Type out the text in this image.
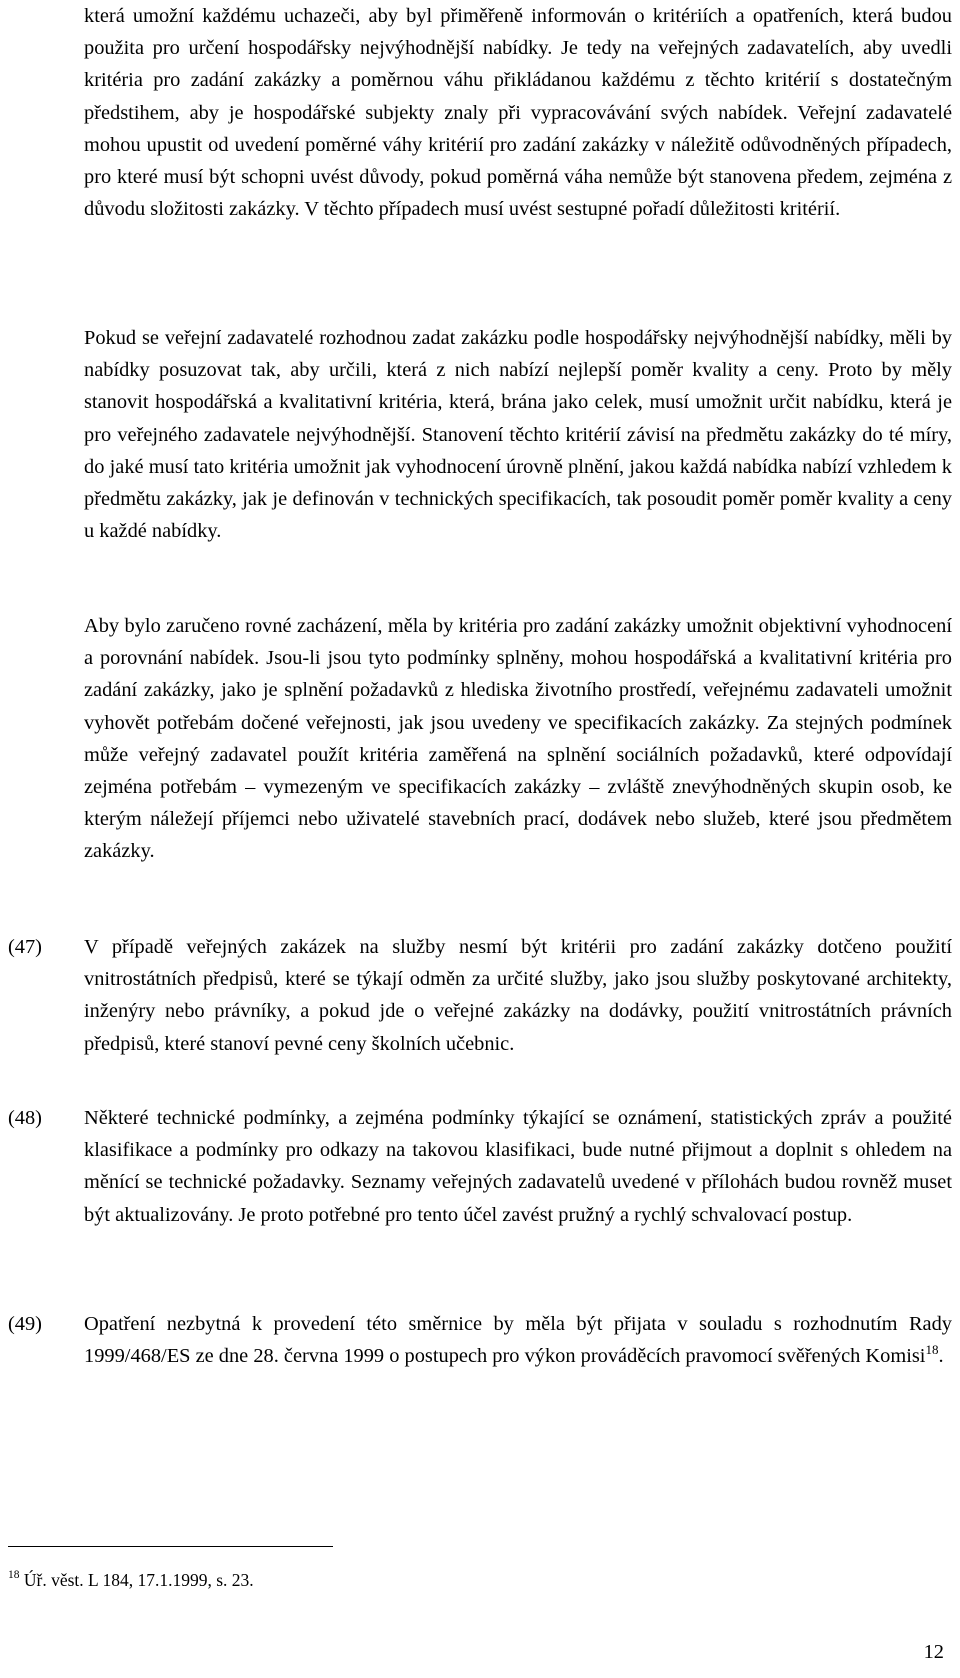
která umožní každému uchazeči, aby byl přiměřeně informován o kritériích a opatřeních, která budou použita pro určení hospodářsky nejvýhodnější nabídky. Je tedy na veřejných zadavatelích, aby uvedli kritéria pro zadání zakázky a poměrnou váhu přikládanou každému z těchto kritérií s dostatečným předstihem, aby je hospodářské subjekty znaly při vypracovávání svých nabídek. Veřejní zadavatelé mohou upustit od uvedení poměrné váhy kritérií pro zadání zakázky v náležitě odůvodněných případech, pro které musí být schopni uvést důvody, pokud poměrná váha nemůže být stanovena předem, zejména z důvodu složitosti zakázky. V těchto případech musí uvést sestupné pořadí důležitosti kritérií.

Pokud se veřejní zadavatelé rozhodnou zadat zakázku podle hospodářsky nejvýhodnější nabídky, měli by nabídky posuzovat tak, aby určili, která z nich nabízí nejlepší poměr kvality a ceny. Proto by měly stanovit hospodářská a kvalitativní kritéria, která, brána jako celek, musí umožnit určit nabídku, která je pro veřejného zadavatele nejvýhodnější. Stanovení těchto kritérií závisí na předmětu zakázky do té míry, do jaké musí tato kritéria umožnit jak vyhodnocení úrovně plnění, jakou každá nabídka nabízí vzhledem k předmětu zakázky, jak je definován v technických specifikacích, tak posoudit poměr poměr kvality a ceny u každé nabídky.

Aby bylo zaručeno rovné zacházení, měla by kritéria pro zadání zakázky umožnit objektivní vyhodnocení a porovnání nabídek. Jsou-li jsou tyto podmínky splněny, mohou hospodářská a kvalitativní kritéria pro zadání zakázky, jako je splnění požadavků z hlediska životního prostředí, veřejnému zadavateli umožnit vyhovět potřebám dočené veřejnosti, jak jsou uvedeny ve specifikacích zakázky. Za stejných podmínek může veřejný zadavatel použít kritéria zaměřená na splnění sociálních požadavků, které odpovídají zejména potřebám – vymezeným ve specifikacích zakázky – zvláště znevýhodněných skupin osob, ke kterým náležejí příjemci nebo uživatelé stavebních prací, dodávek nebo služeb, které jsou předmětem zakázky.

(47) V případě veřejných zakázek na služby nesmí být kritérii pro zadání zakázky dotčeno použití vnitrostátních předpisů, které se týkají odměn za určité služby, jako jsou služby poskytované architekty, inženýry nebo právníky, a pokud jde o veřejné zakázky na dodávky, použití vnitrostátních právních předpisů, které stanoví pevné ceny školních učebnic.

(48) Některé technické podmínky, a zejména podmínky týkající se oznámení, statistických zpráv a použité klasifikace a podmínky pro odkazy na takovou klasifikaci, bude nutné přijmout a doplnit s ohledem na měnící se technické požadavky. Seznamy veřejných zadavatelů uvedené v přílohách budou rovněž muset být aktualizovány. Je proto potřebné pro tento účel zavést pružný a rychlý schvalovací postup.

(49) Opatření nezbytná k provedení této směrnice by měla být přijata v souladu s rozhodnutím Rady 1999/468/ES ze dne 28. června 1999 o postupech pro výkon prováděcích pravomocí svěřených Komisi$^{18}$.

$^{18}$ Úř. věst. L 184, 17.1.1999, s. 23.

12
